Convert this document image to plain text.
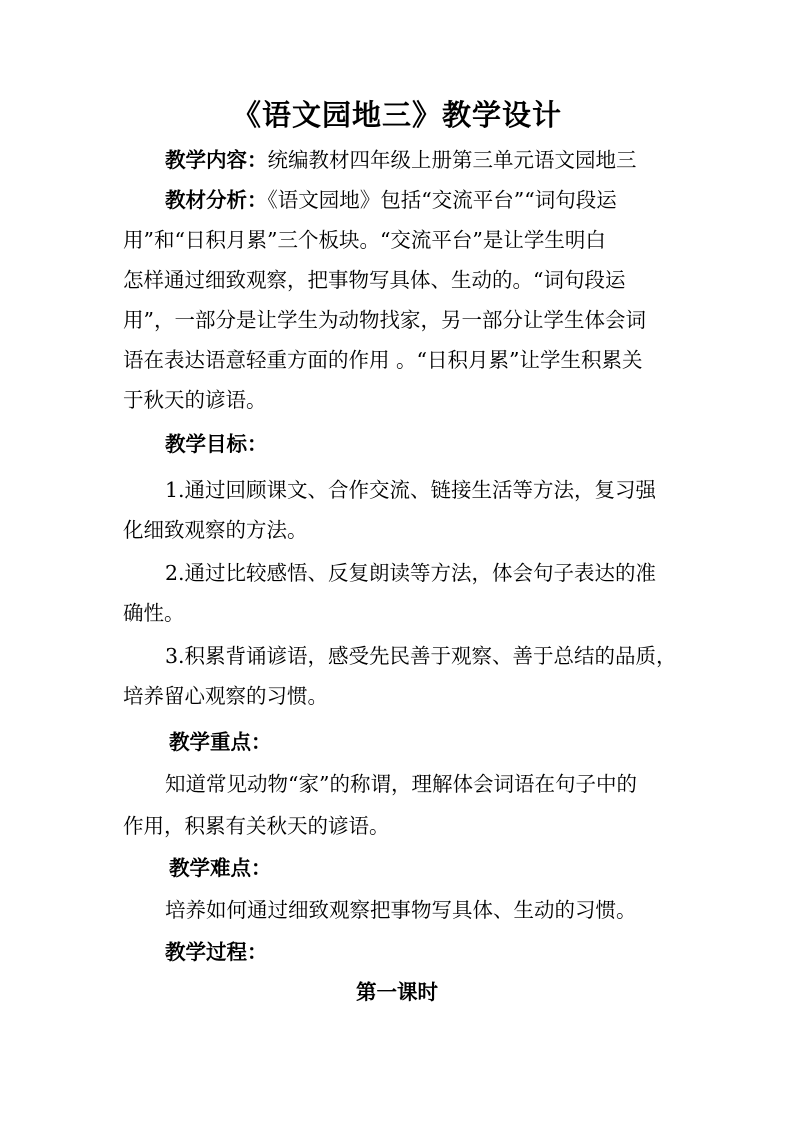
《语文园地三》教学设计
教学内容：统编教材四年级上册第三单元语文园地三
教材分析：《语文园地》包括“交流平台”“词句段运
用”和“日积月累”三个板块。“交流平台”是让学生明白
怎样通过细致观察，把事物写具体、生动的。“词句段运
用”，一部分是让学生为动物找家，另一部分让学生体会词
语在表达语意轻重方面的作用 。“日积月累”让学生积累关
于秋天的谚语。
教学目标：
1.通过回顾课文、合作交流、链接生活等方法，复习强
化细致观察的方法。
2.通过比较感悟、反复朗读等方法，体会句子表达的准
确性。
3.积累背诵谚语，感受先民善于观察、善于总结的品质，
培养留心观察的习惯。
教学重点：
知道常见动物“家”的称谓，理解体会词语在句子中的
作用，积累有关秋天的谚语。
教学难点：
培养如何通过细致观察把事物写具体、生动的习惯。
教学过程：
第一课时
